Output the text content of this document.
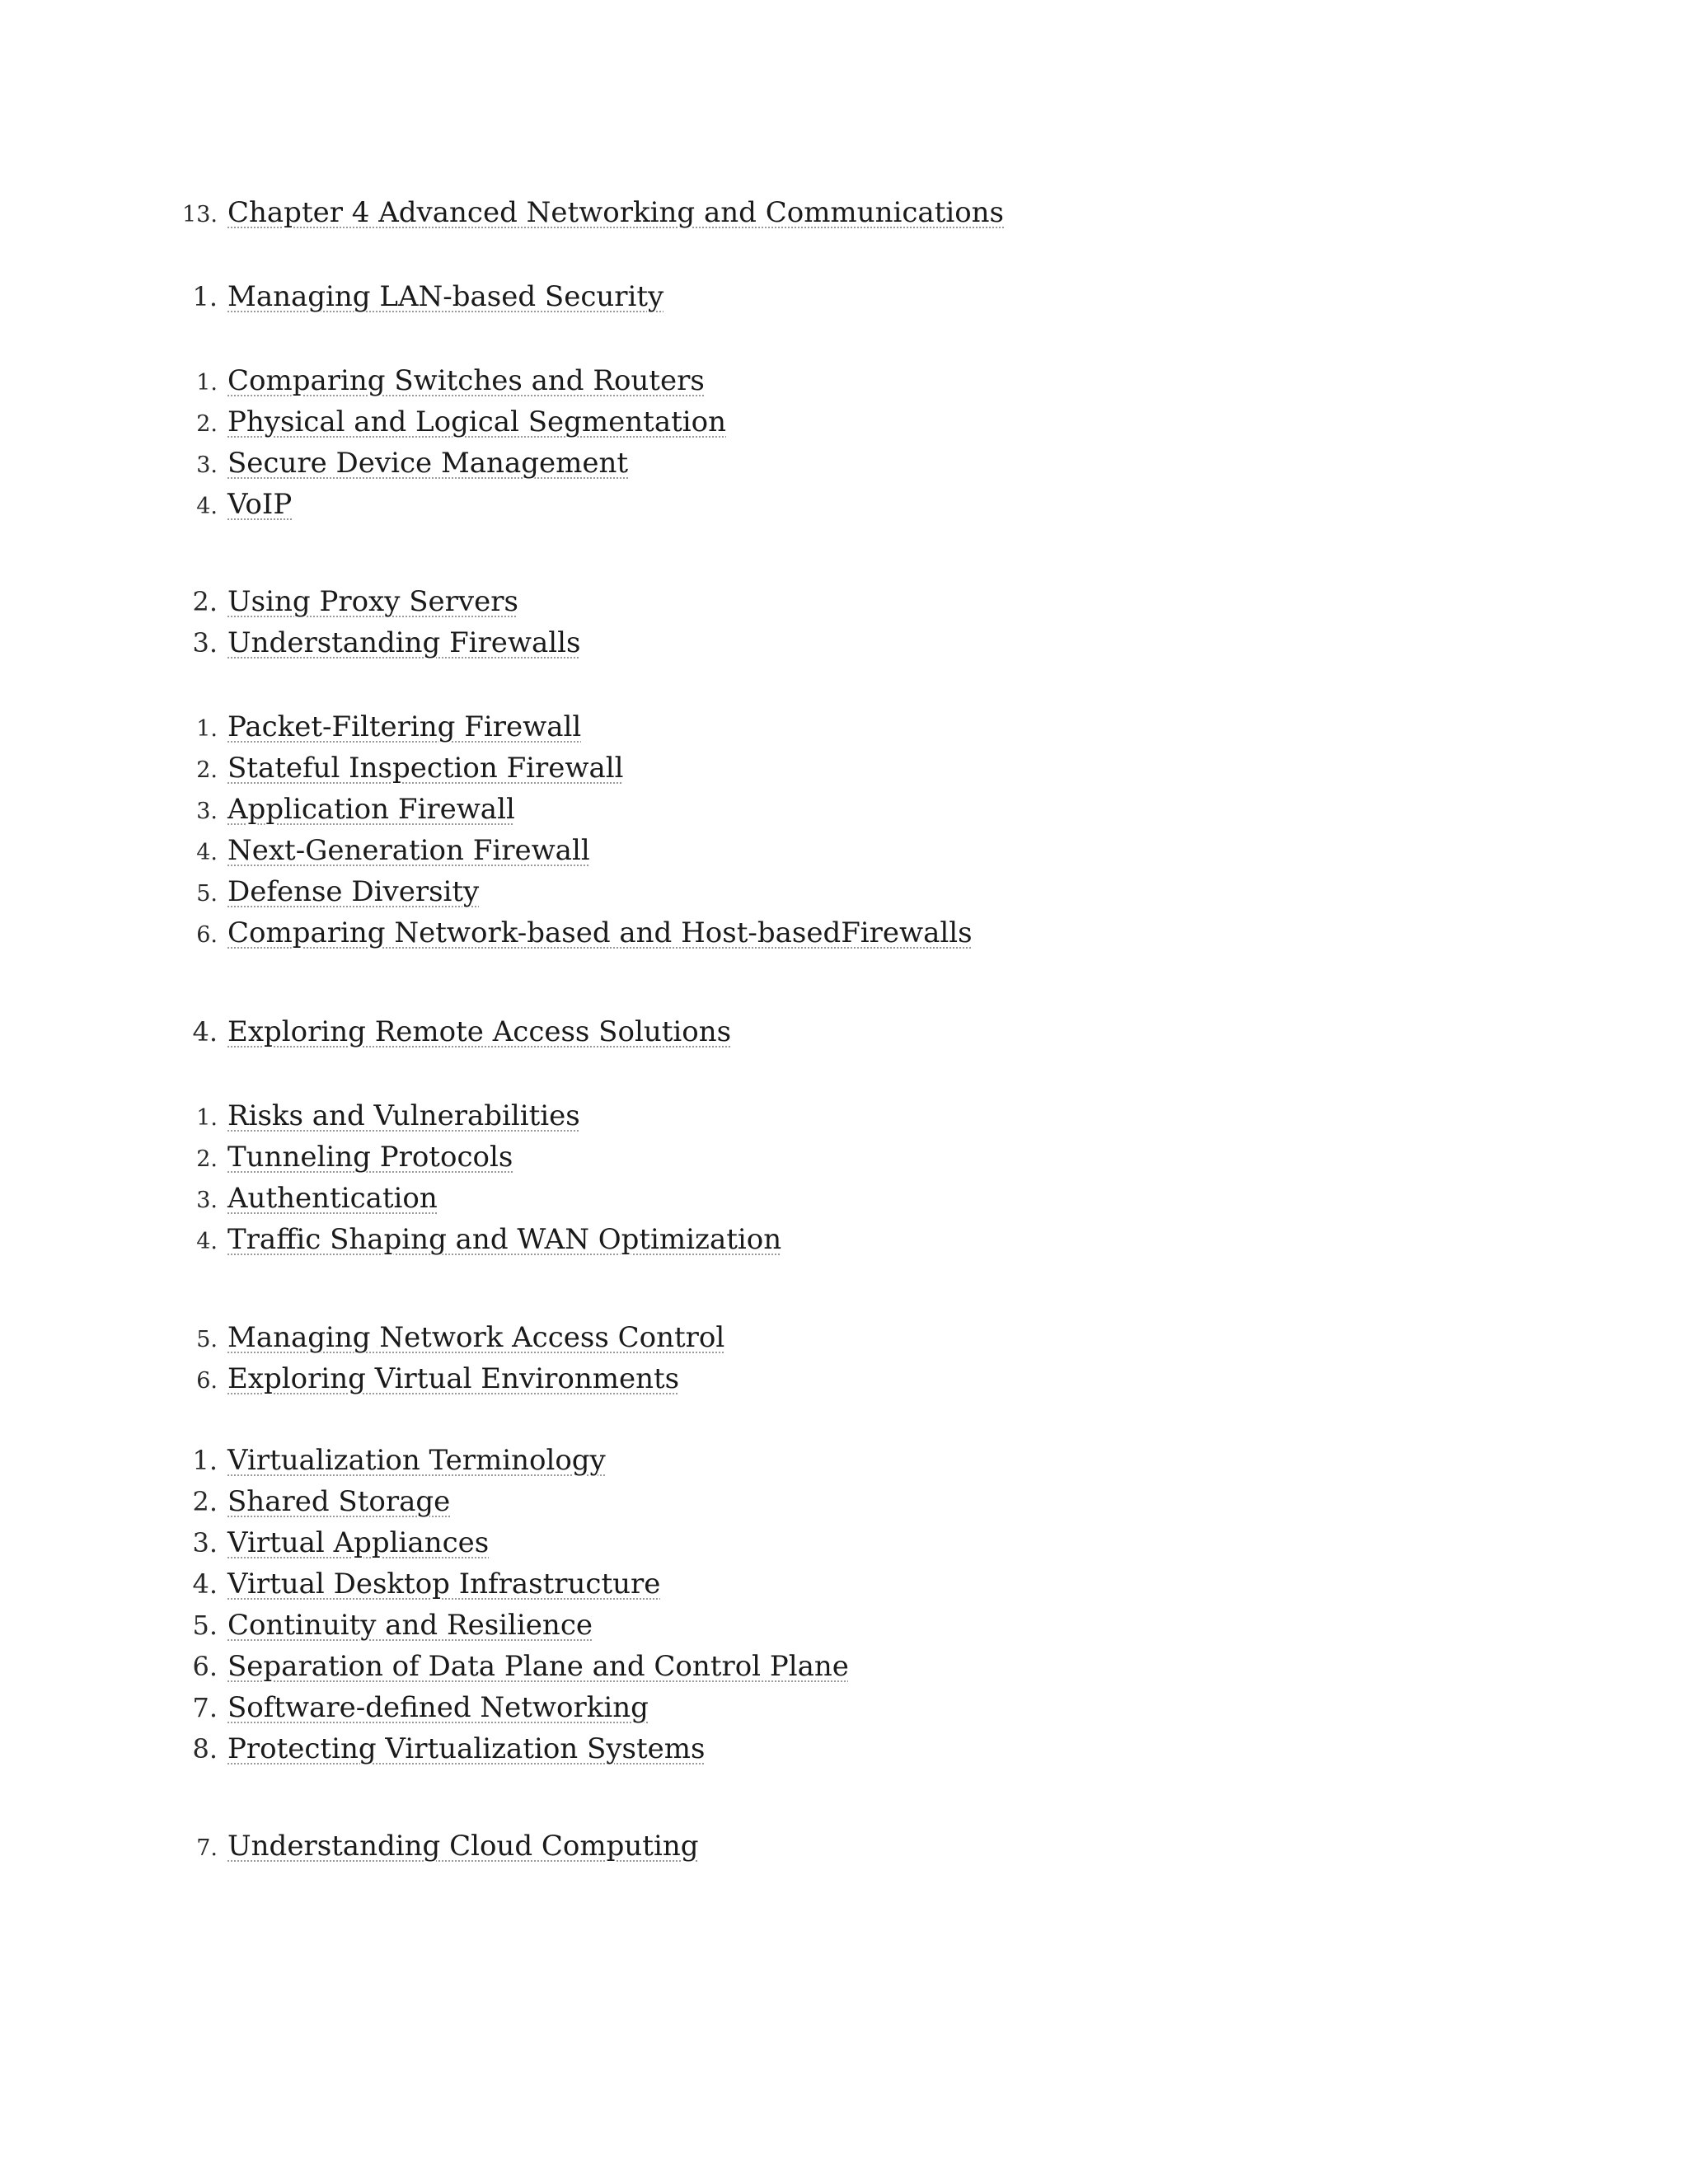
13. Chapter 4 Advanced Networking and Communications
1. Managing LAN-based Security
1. Comparing Switches and Routers
2. Physical and Logical Segmentation
3. Secure Device Management
4. VoIP
2. Using Proxy Servers
3. Understanding Firewalls
1. Packet-Filtering Firewall
2. Stateful Inspection Firewall
3. Application Firewall
4. Next-Generation Firewall
5. Defense Diversity
6. Comparing Network-based and Host-basedFirewalls
4. Exploring Remote Access Solutions
1. Risks and Vulnerabilities
2. Tunneling Protocols
3. Authentication
4. Traffic Shaping and WAN Optimization
5. Managing Network Access Control
6. Exploring Virtual Environments
1. Virtualization Terminology
2. Shared Storage
3. Virtual Appliances
4. Virtual Desktop Infrastructure
5. Continuity and Resilience
6. Separation of Data Plane and Control Plane
7. Software-defined Networking
8. Protecting Virtualization Systems
7. Understanding Cloud Computing
